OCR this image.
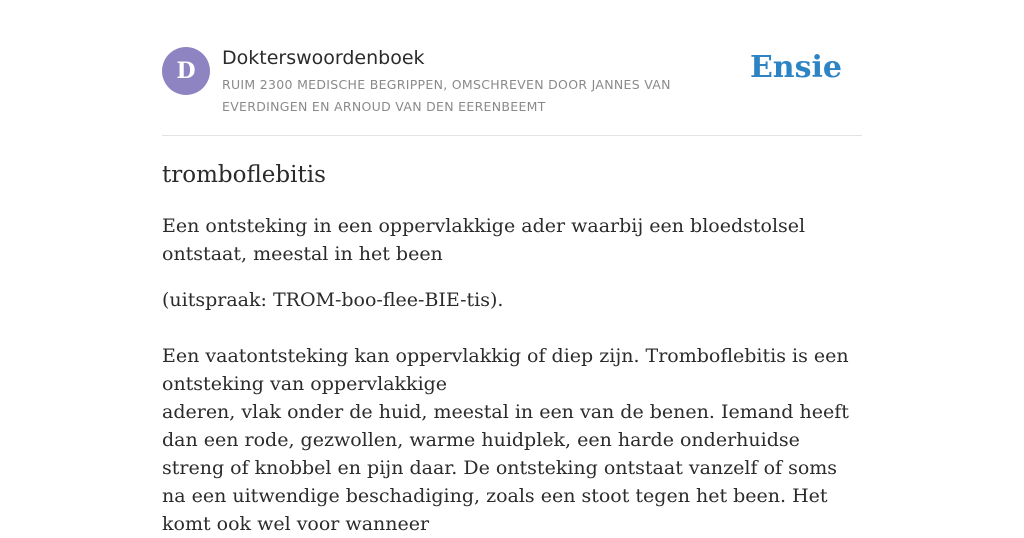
D	Dokterswoordenboek
RUIM 2300 MEDISCHE BEGRIPPEN, OMSCHREVEN DOOR JANNES VAN EVERDINGEN EN ARNOUD VAN DEN EERENBEEMT
Ensie
tromboflebitis

Een ontsteking in een oppervlakkige ader waarbij een bloedstolsel ontstaat, meestal in het been

(uitspraak: TROM-boo-flee-BIE-tis).

Een vaatontsteking kan oppervlakkig of diep zijn. Tromboflebitis is een ontsteking van oppervlakkige
aderen, vlak onder de huid, meestal in een van de benen. Iemand heeft dan een rode, gezwollen, warme huidplek, een harde onderhuidse streng of knobbel en pijn daar. De ontsteking ontstaat vanzelf of soms na een uitwendige beschadiging, zoals een stoot tegen het been. Het komt ook wel voor wanneer
